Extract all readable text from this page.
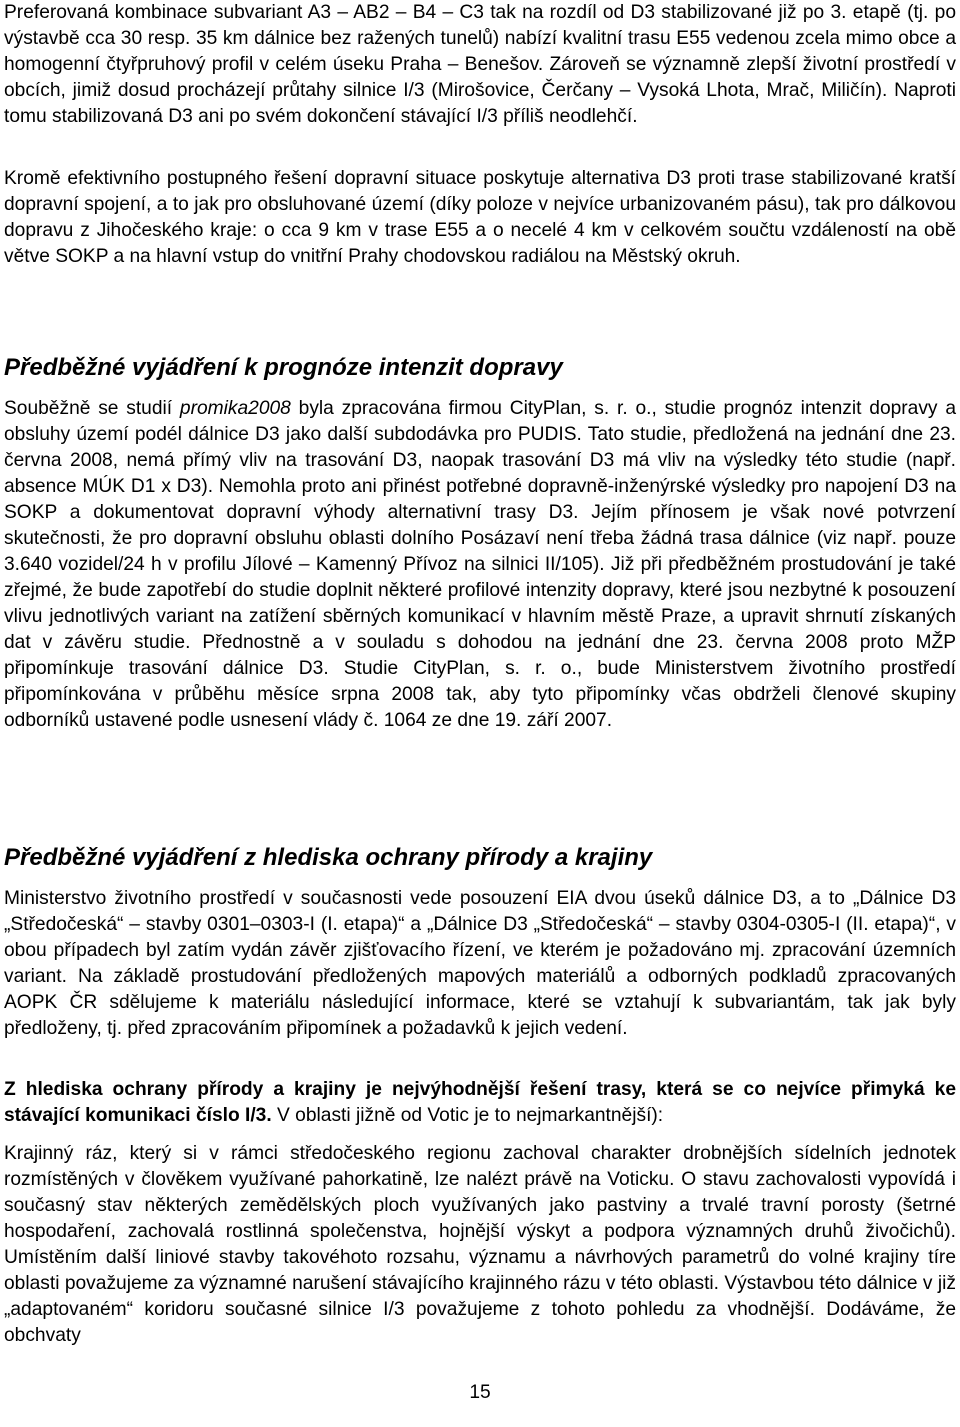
Preferovaná kombinace subvariant A3 – AB2 – B4 – C3 tak na rozdíl od D3 stabilizované již po 3. etapě (tj. po výstavbě cca 30 resp. 35 km dálnice bez ražených tunelů) nabízí kvalitní trasu E55 vedenou zcela mimo obce a homogenní čtyřpruhový profil v celém úseku Praha – Benešov. Zároveň se významně zlepší životní prostředí v obcích, jimiž dosud procházejí průtahy silnice I/3 (Mirošovice, Čerčany – Vysoká Lhota, Mrač, Miličín). Naproti tomu stabilizovaná D3 ani po svém dokončení stávající I/3 příliš neodlehčí.

Kromě efektivního postupného řešení dopravní situace poskytuje alternativa D3 proti trase stabilizované kratší dopravní spojení, a to jak pro obsluhované území (díky poloze v nejvíce urbanizovaném pásu), tak pro dálkovou dopravu z Jihočeského kraje: o cca 9 km v trase E55 a o necelé 4 km v celkovém součtu vzdáleností na obě větve SOKP a na hlavní vstup do vnitřní Prahy chodovskou radiálou na Městský okruh.

Předběžné vyjádření k prognóze intenzit dopravy

Souběžně se studií promika2008 byla zpracována firmou CityPlan, s. r. o., studie prognóz intenzit dopravy a obsluhy území podél dálnice D3 jako další subdodávka pro PUDIS. Tato studie, předložená na jednání dne 23. června 2008, nemá přímý vliv na trasování D3, naopak trasování D3 má vliv na výsledky této studie (např. absence MÚK D1 x D3). Nemohla proto ani přinést potřebné dopravně-inženýrské výsledky pro napojení D3 na SOKP a dokumentovat dopravní výhody alternativní trasy D3. Jejím přínosem je však nové potvrzení skutečnosti, že pro dopravní obsluhu oblasti dolního Posázaví není třeba žádná trasa dálnice (viz např. pouze 3.640 vozidel/24 h v profilu Jílové – Kamenný Přívoz na silnici II/105). Již při předběžném prostudování je také zřejmé, že bude zapotřebí do studie doplnit některé profilové intenzity dopravy, které jsou nezbytné k posouzení vlivu jednotlivých variant na zatížení sběrných komunikací v hlavním městě Praze, a upravit shrnutí získaných dat v závěru studie. Přednostně a v souladu s dohodou na jednání dne 23. června 2008 proto MŽP připomínkuje trasování dálnice D3. Studie CityPlan, s. r. o., bude Ministerstvem životního prostředí připomínkována v průběhu měsíce srpna 2008 tak, aby tyto připomínky včas obdrželi členové skupiny odborníků ustavené podle usnesení vlády č. 1064 ze dne 19. září 2007.

Předběžné vyjádření z hlediska ochrany přírody a krajiny

Ministerstvo životního prostředí v současnosti vede posouzení EIA dvou úseků dálnice D3, a to „Dálnice D3 „Středočeská“ – stavby 0301–0303-I (I. etapa)“ a „Dálnice D3 „Středočeská“ – stavby 0304-0305-I (II. etapa)“, v obou případech byl zatím vydán závěr zjišťovacího řízení, ve kterém je požadováno mj. zpracování územních variant. Na základě prostudování předložených mapových materiálů a odborných podkladů zpracovaných AOPK ČR sdělujeme k materiálu následující informace, které se vztahují k subvariantám, tak jak byly předloženy, tj. před zpracováním připomínek a požadavků k jejich vedení.

Z hlediska ochrany přírody a krajiny je nejvýhodnější řešení trasy, která se co nejvíce přimyká ke stávající komunikaci číslo I/3. V oblasti jižně od Votic je to nejmarkantnější):

Krajinný ráz, který si v rámci středočeského regionu zachoval charakter drobnějších sídelních jednotek rozmístěných v člověkem využívané pahorkatině, lze nalézt právě na Voticku. O stavu zachovalosti vypovídá i současný stav některých zemědělských ploch využívaných jako pastviny a trvalé travní porosty (šetrné hospodaření, zachovalá rostlinná společenstva, hojnější výskyt a podpora významných druhů živočichů). Umístěním další liniové stavby takovéhoto rozsahu, významu a návrhových parametrů do volné krajiny tíre oblasti považujeme za významné narušení stávajícího krajinného rázu v této oblasti. Výstavbou této dálnice v již „adaptovaném“ koridoru současné silnice I/3 považujeme z tohoto pohledu za vhodnější. Dodáváme, že obchvaty

15
